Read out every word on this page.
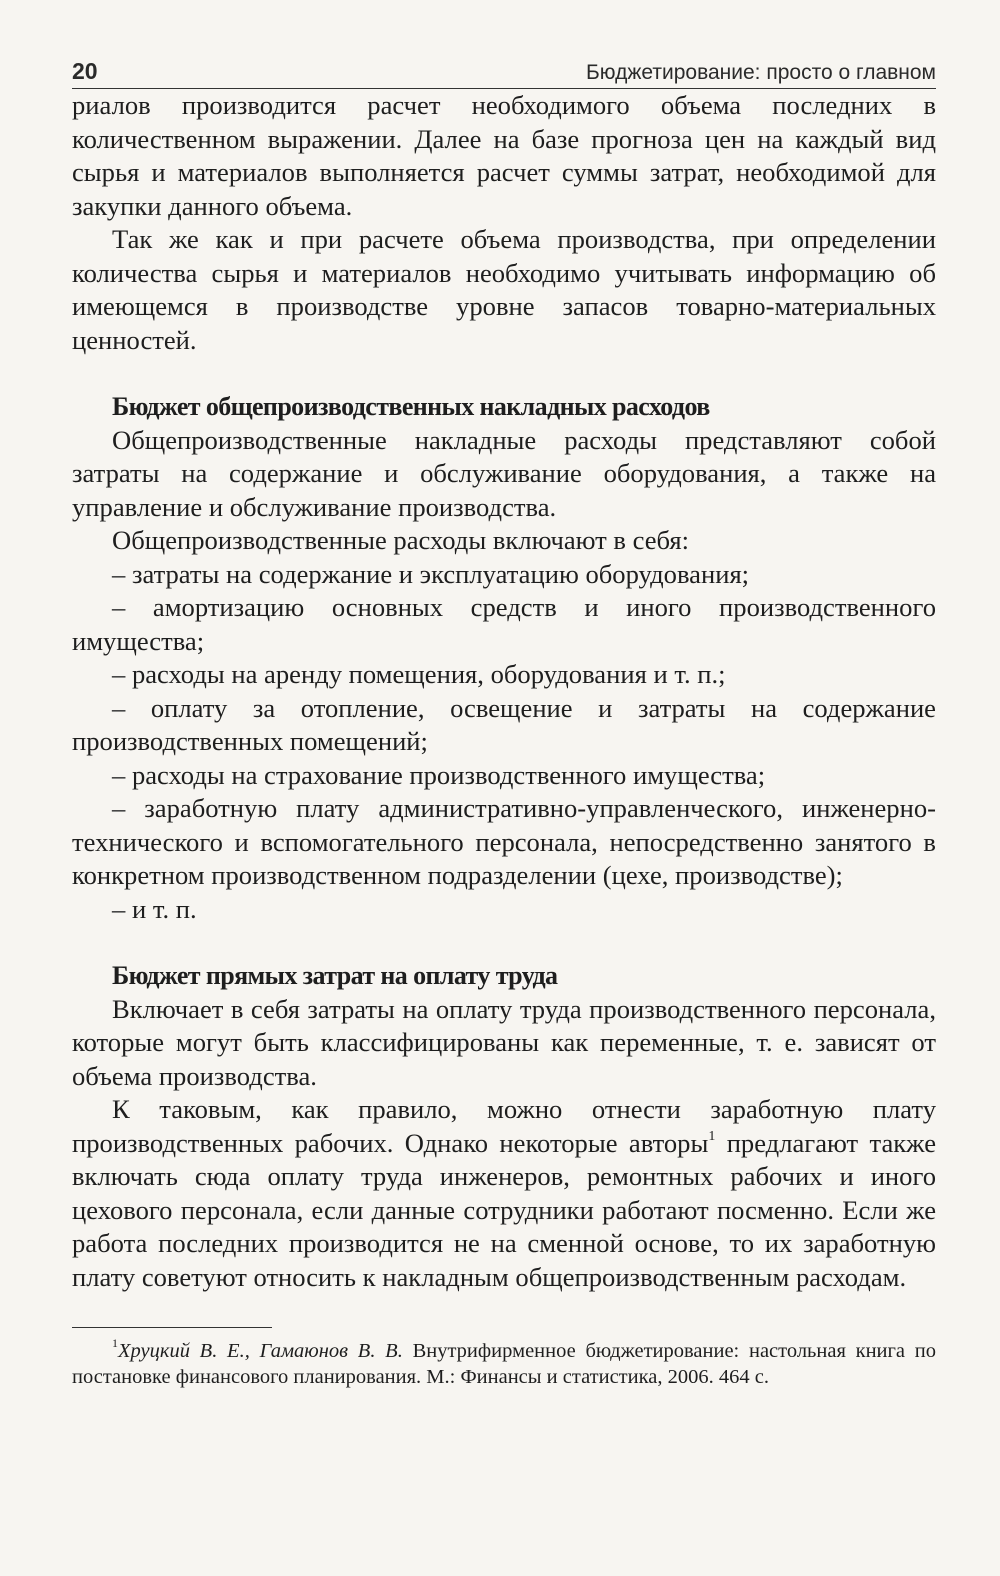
20	Бюджетирование: просто о главном

риалов производится расчет необходимого объема последних в количественном выражении. Далее на базе прогноза цен на каждый вид сырья и материалов выполняется расчет суммы затрат, необходимой для закупки данного объема.

Так же как и при расчете объема производства, при определении количества сырья и материалов необходимо учитывать информацию об имеющемся в производстве уровне запасов товарно-материальных ценностей.

Бюджет общепроизводственных накладных расходов

Общепроизводственные накладные расходы представляют собой затраты на содержание и обслуживание оборудования, а также на управление и обслуживание производства.

Общепроизводственные расходы включают в себя:

– затраты на содержание и эксплуатацию оборудования;

– амортизацию основных средств и иного производственного имущества;

– расходы на аренду помещения, оборудования и т. п.;

– оплату за отопление, освещение и затраты на содержание производственных помещений;

– расходы на страхование производственного имущества;

– заработную плату административно-управленческого, инженерно-технического и вспомогательного персонала, непосредственно занятого в конкретном производственном подразделении (цехе, производстве);

– и т. п.

Бюджет прямых затрат на оплату труда

Включает в себя затраты на оплату труда производственного персонала, которые могут быть классифицированы как переменные, т. е. зависят от объема производства.

К таковым, как правило, можно отнести заработную плату производственных рабочих. Однако некоторые авторы$^1$ предлагают также включать сюда оплату труда инженеров, ремонтных рабочих и иного цехового персонала, если данные сотрудники работают посменно. Если же работа последних производится не на сменной основе, то их заработную плату советуют относить к накладным общепроизводственным расходам.

$^1$Хруцкий В. Е., Гамаюнов В. В. Внутрифирменное бюджетирование: настольная книга по постановке финансового планирования. М.: Финансы и статистика, 2006. 464 с.
